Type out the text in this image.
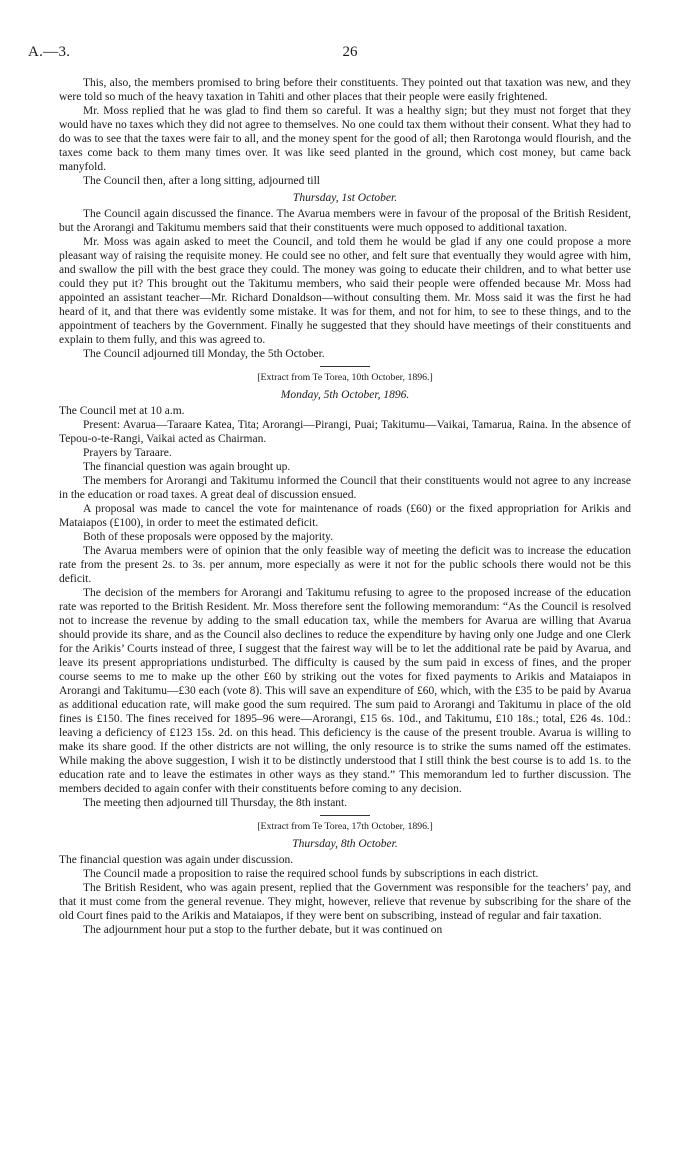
A.—3.	26

This, also, the members promised to bring before their constituents. They pointed out that taxation was new, and they were told so much of the heavy taxation in Tahiti and other places that their people were easily frightened.

Mr. Moss replied that he was glad to find them so careful. It was a healthy sign; but they must not forget that they would have no taxes which they did not agree to themselves. No one could tax them without their consent. What they had to do was to see that the taxes were fair to all, and the money spent for the good of all; then Rarotonga would flourish, and the taxes come back to them many times over. It was like seed planted in the ground, which cost money, but came back manyfold.

The Council then, after a long sitting, adjourned till

Thursday, 1st October.

The Council again discussed the finance. The Avarua members were in favour of the proposal of the British Resident, but the Arorangi and Takitumu members said that their constituents were much opposed to additional taxation.

Mr. Moss was again asked to meet the Council, and told them he would be glad if any one could propose a more pleasant way of raising the requisite money. He could see no other, and felt sure that eventually they would agree with him, and swallow the pill with the best grace they could. The money was going to educate their children, and to what better use could they put it? This brought out the Takitumu members, who said their people were offended because Mr. Moss had appointed an assistant teacher—Mr. Richard Donaldson—without consulting them. Mr. Moss said it was the first he had heard of it, and that there was evidently some mistake. It was for them, and not for him, to see to these things, and to the appointment of teachers by the Government. Finally he suggested that they should have meetings of their constituents and explain to them fully, and this was agreed to.

The Council adjourned till Monday, the 5th October.

[Extract from Te Torea, 10th October, 1896.]

Monday, 5th October, 1896.

The Council met at 10 a.m.

Present: Avarua—Taraare Katea, Tita; Arorangi—Pirangi, Puai; Takitumu—Vaikai, Tamarua, Raina. In the absence of Tepou-o-te-Rangi, Vaikai acted as Chairman.

Prayers by Taraare.

The financial question was again brought up.

The members for Arorangi and Takitumu informed the Council that their constituents would not agree to any increase in the education or road taxes. A great deal of discussion ensued.

A proposal was made to cancel the vote for maintenance of roads (£60) or the fixed appropriation for Arikis and Mataiapos (£100), in order to meet the estimated deficit.

Both of these proposals were opposed by the majority.

The Avarua members were of opinion that the only feasible way of meeting the deficit was to increase the education rate from the present 2s. to 3s. per annum, more especially as were it not for the public schools there would not be this deficit.

The decision of the members for Arorangi and Takitumu refusing to agree to the proposed increase of the education rate was reported to the British Resident. Mr. Moss therefore sent the following memorandum: “As the Council is resolved not to increase the revenue by adding to the small education tax, while the members for Avarua are willing that Avarua should provide its share, and as the Council also declines to reduce the expenditure by having only one Judge and one Clerk for the Arikis’ Courts instead of three, I suggest that the fairest way will be to let the additional rate be paid by Avarua, and leave its present appropriations undisturbed. The difficulty is caused by the sum paid in excess of fines, and the proper course seems to me to make up the other £60 by striking out the votes for fixed payments to Arikis and Mataiapos in Arorangi and Takitumu—£30 each (vote 8). This will save an expenditure of £60, which, with the £35 to be paid by Avarua as additional education rate, will make good the sum required. The sum paid to Arorangi and Takitumu in place of the old fines is £150. The fines received for 1895–96 were—Arorangi, £15 6s. 10d., and Takitumu, £10 18s.; total, £26 4s. 10d.: leaving a deficiency of £123 15s. 2d. on this head. This deficiency is the cause of the present trouble. Avarua is willing to make its share good. If the other districts are not willing, the only resource is to strike the sums named off the estimates. While making the above suggestion, I wish it to be distinctly understood that I still think the best course is to add 1s. to the education rate and to leave the estimates in other ways as they stand.” This memorandum led to further discussion. The members decided to again confer with their constituents before coming to any decision.

The meeting then adjourned till Thursday, the 8th instant.

[Extract from Te Torea, 17th October, 1896.]

Thursday, 8th October.

The financial question was again under discussion.

The Council made a proposition to raise the required school funds by subscriptions in each district.

The British Resident, who was again present, replied that the Government was responsible for the teachers’ pay, and that it must come from the general revenue. They might, however, relieve that revenue by subscribing for the share of the old Court fines paid to the Arikis and Mataiapos, if they were bent on subscribing, instead of regular and fair taxation.

The adjournment hour put a stop to the further debate, but it was continued on
